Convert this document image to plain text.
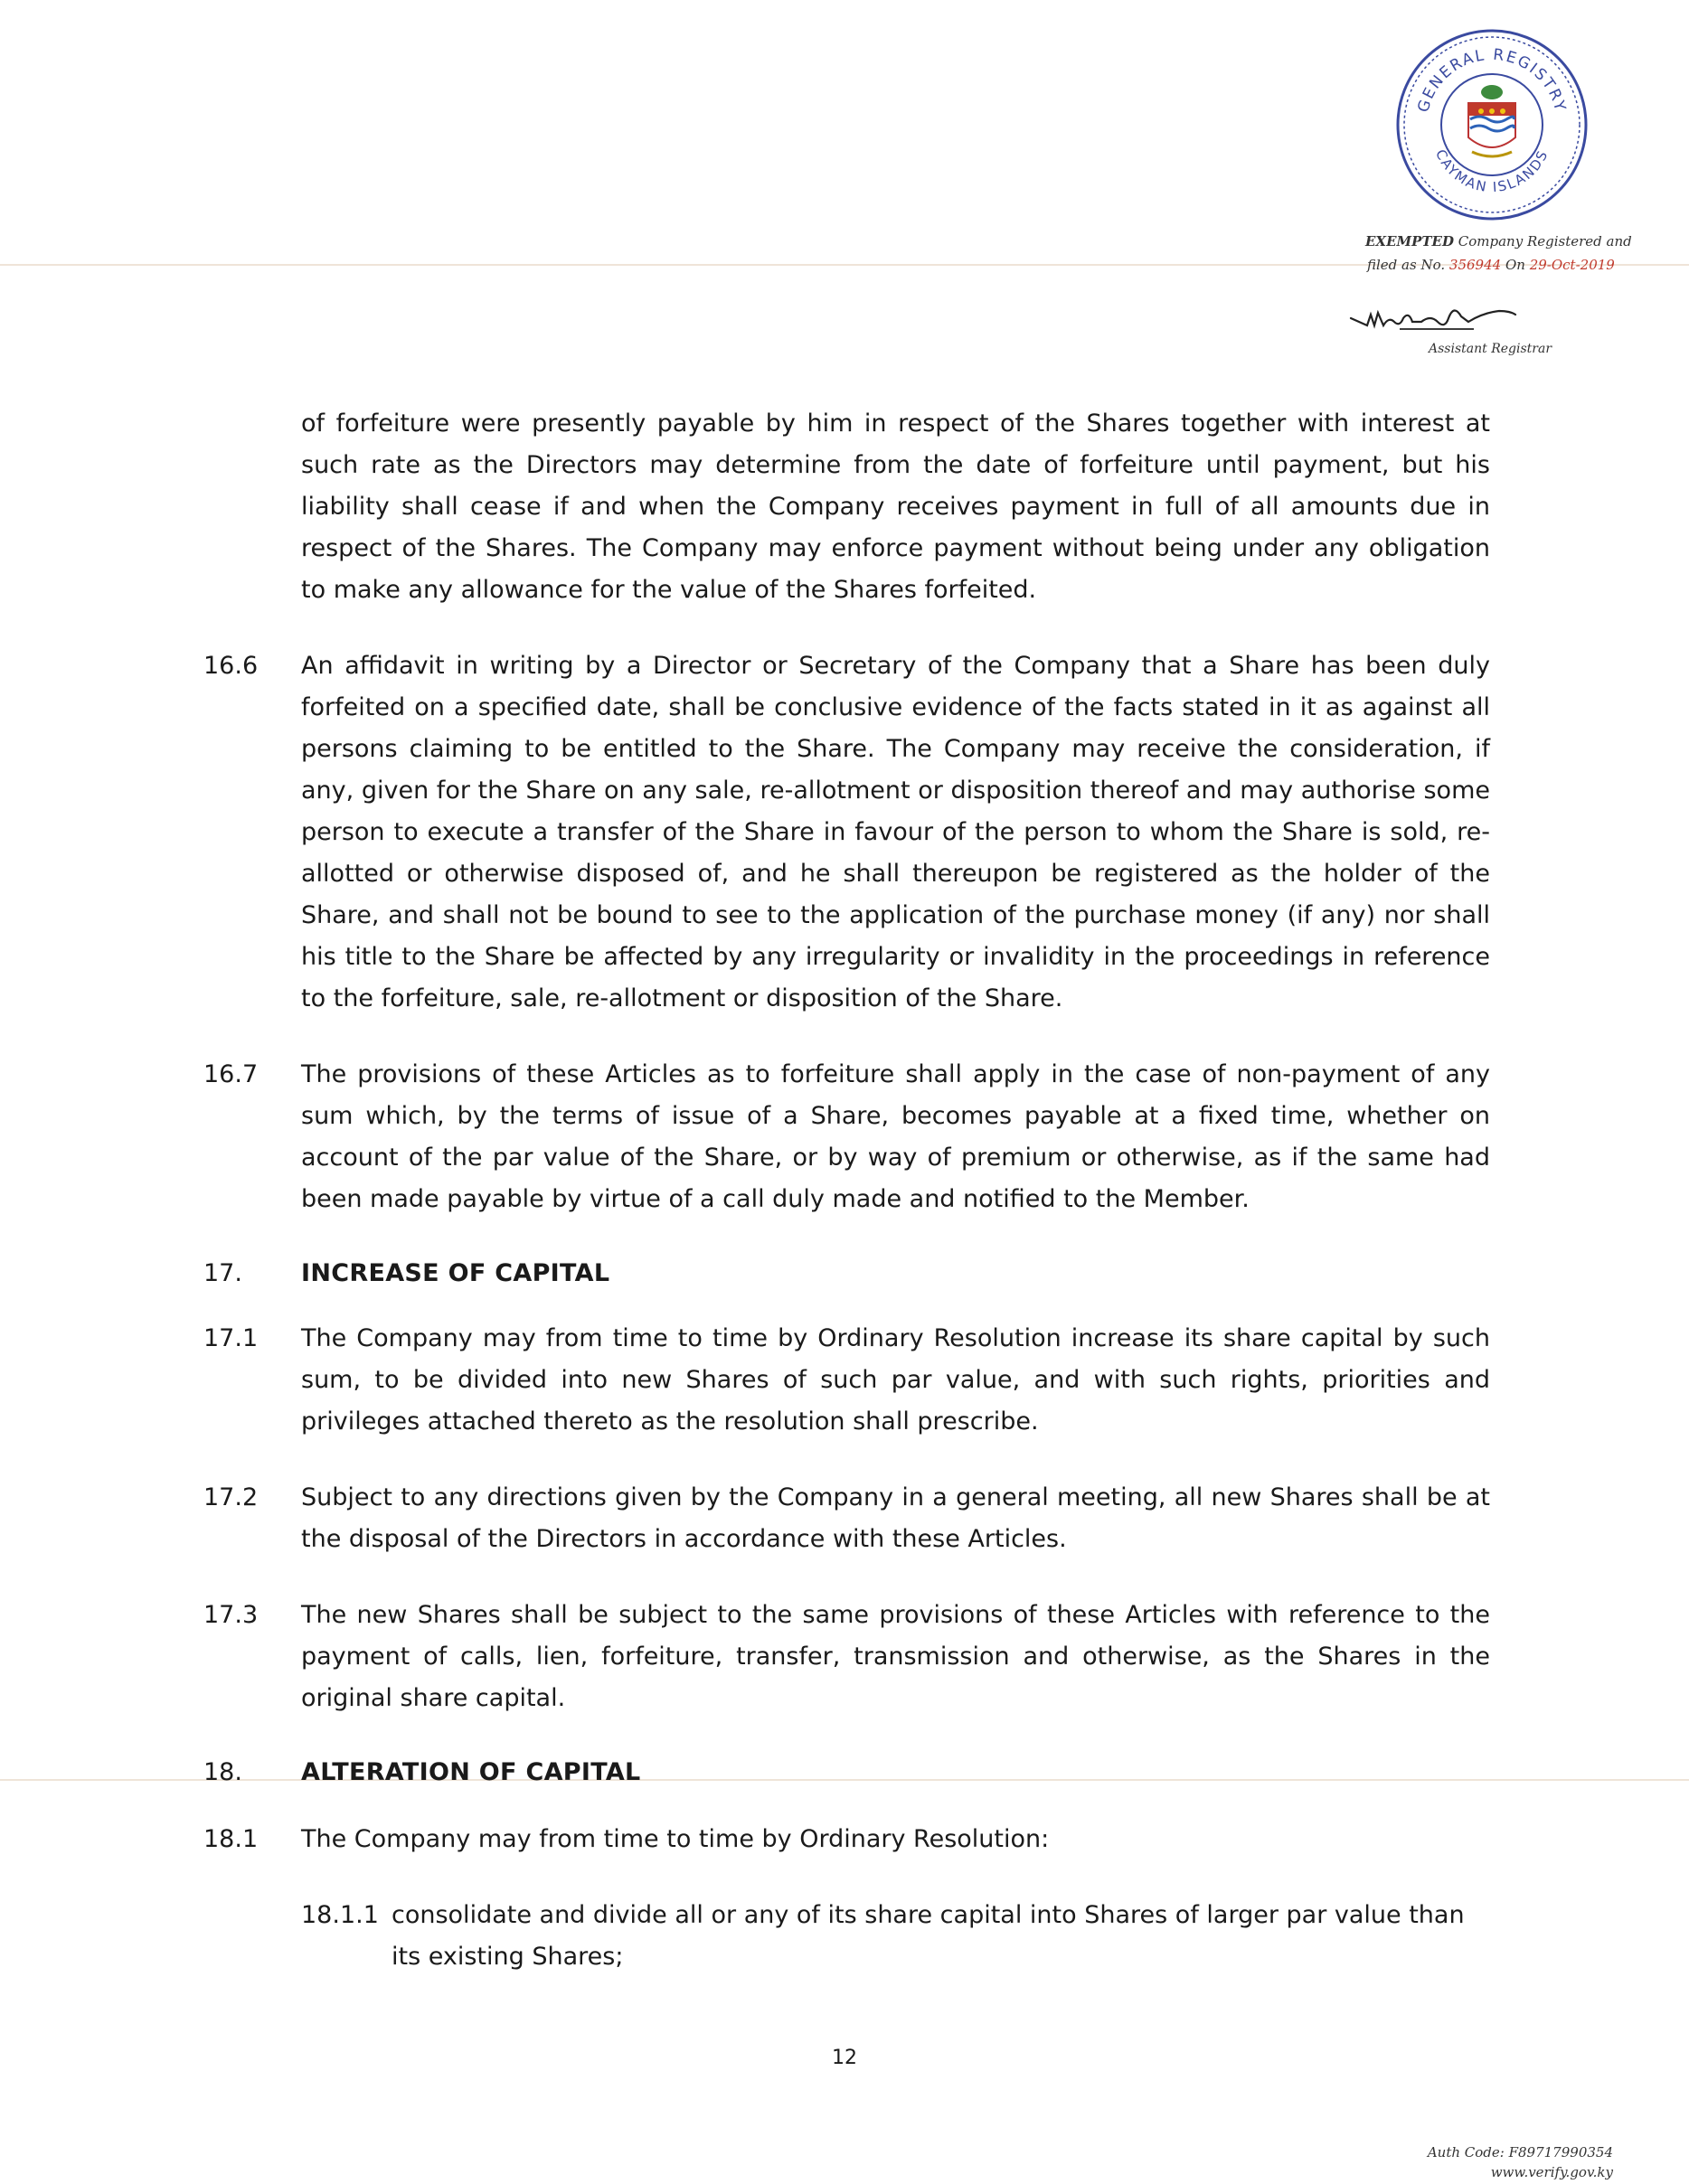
GENERAL REGISTRY
CAYMAN ISLANDS
EXEMPTED Company Registered and
filed as No. 356944 On 29-Oct-2019
Assistant Registrar
of forfeiture were presently payable by him in respect of the Shares together with interest at such rate as the Directors may determine from the date of forfeiture until payment, but his liability shall cease if and when the Company receives payment in full of all amounts due in respect of the Shares. The Company may enforce payment without being under any obligation to make any allowance for the value of the Shares forfeited.
16.6 An affidavit in writing by a Director or Secretary of the Company that a Share has been duly forfeited on a specified date, shall be conclusive evidence of the facts stated in it as against all persons claiming to be entitled to the Share. The Company may receive the consideration, if any, given for the Share on any sale, re-allotment or disposition thereof and may authorise some person to execute a transfer of the Share in favour of the person to whom the Share is sold, re-allotted or otherwise disposed of, and he shall thereupon be registered as the holder of the Share, and shall not be bound to see to the application of the purchase money (if any) nor shall his title to the Share be affected by any irregularity or invalidity in the proceedings in reference to the forfeiture, sale, re-allotment or disposition of the Share.
16.7 The provisions of these Articles as to forfeiture shall apply in the case of non-payment of any sum which, by the terms of issue of a Share, becomes payable at a fixed time, whether on account of the par value of the Share, or by way of premium or otherwise, as if the same had been made payable by virtue of a call duly made and notified to the Member.
17. INCREASE OF CAPITAL
17.1 The Company may from time to time by Ordinary Resolution increase its share capital by such sum, to be divided into new Shares of such par value, and with such rights, priorities and privileges attached thereto as the resolution shall prescribe.
17.2 Subject to any directions given by the Company in a general meeting, all new Shares shall be at the disposal of the Directors in accordance with these Articles.
17.3 The new Shares shall be subject to the same provisions of these Articles with reference to the payment of calls, lien, forfeiture, transfer, transmission and otherwise, as the Shares in the original share capital.
18. ALTERATION OF CAPITAL
18.1 The Company may from time to time by Ordinary Resolution:
18.1.1 consolidate and divide all or any of its share capital into Shares of larger par value than
its existing Shares;
12
Auth Code: F89717990354
www.verify.gov.ky
